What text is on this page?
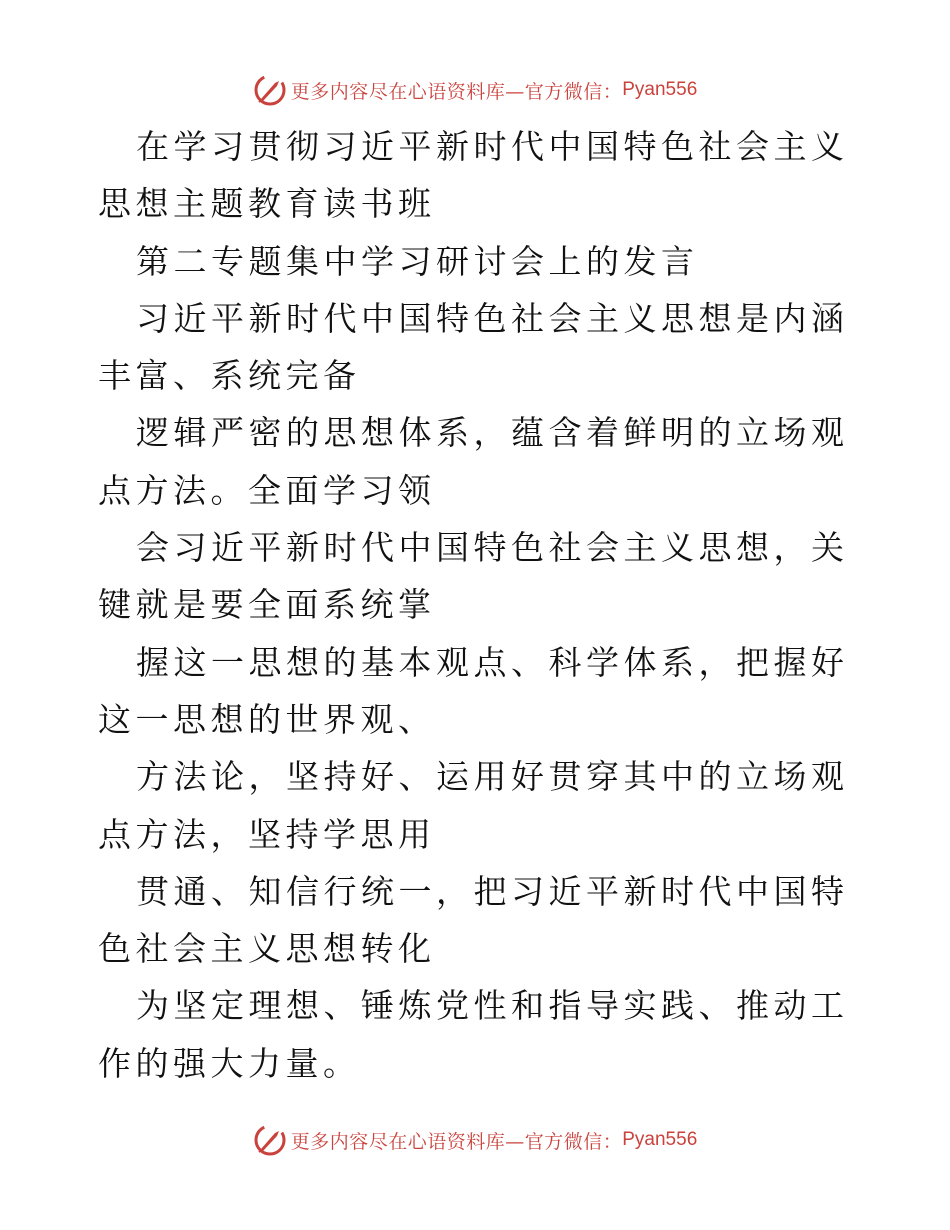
更多内容尽在心语资料库—官方微信： Pyan556

在学习贯彻习近平新时代中国特色社会主义思想主题教育读书班

第二专题集中学习研讨会上的发言

习近平新时代中国特色社会主义思想是内涵丰富、系统完备

逻辑严密的思想体系，蕴含着鲜明的立场观点方法。全面学习领

会习近平新时代中国特色社会主义思想，关键就是要全面系统掌

握这一思想的基本观点、科学体系，把握好这一思想的世界观、

方法论，坚持好、运用好贯穿其中的立场观点方法，坚持学思用

贯通、知信行统一，把习近平新时代中国特色社会主义思想转化

为坚定理想、锤炼党性和指导实践、推动工作的强大力量。

更多内容尽在心语资料库—官方微信： Pyan556
